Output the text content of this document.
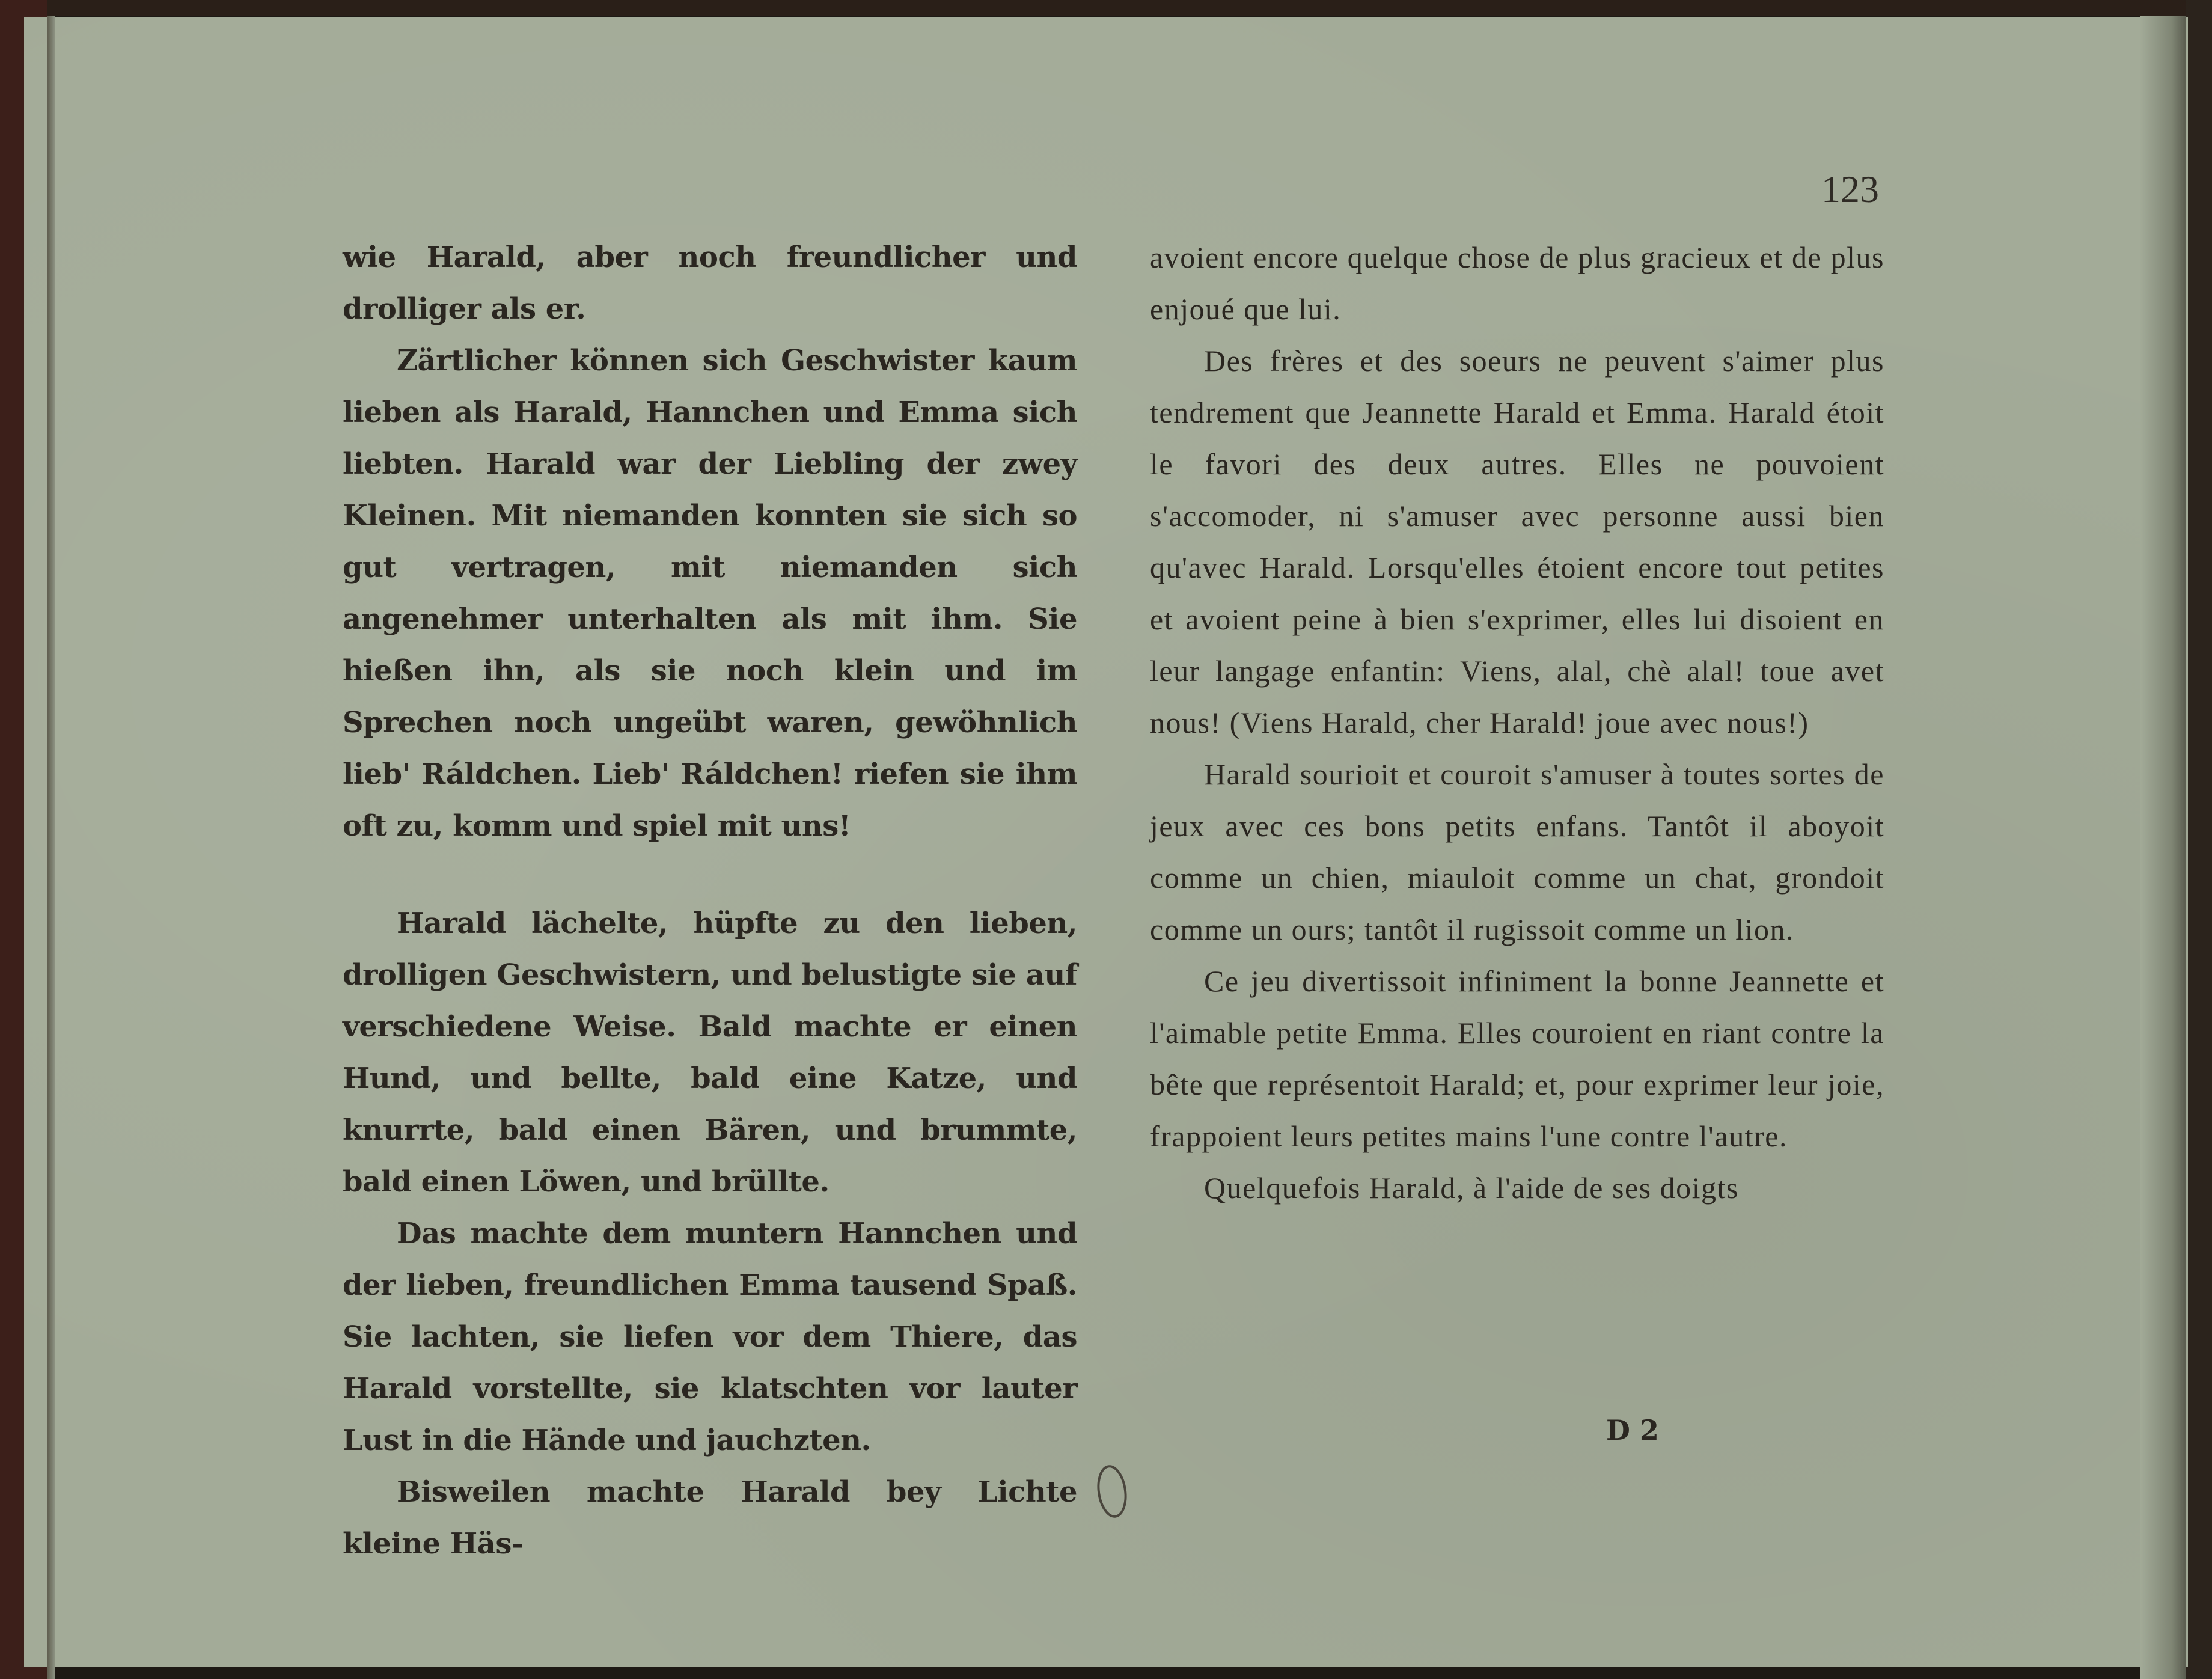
123

wie Harald, aber noch freundlicher und drolliger als er.

Zärtlicher können sich Geschwister kaum lieben als Harald, Hannchen und Emma sich liebten. Harald war der Liebling der zwey Kleinen. Mit niemanden konnten sie sich so gut vertragen, mit niemanden sich angenehmer unterhalten als mit ihm. Sie hießen ihn, als sie noch klein und im Sprechen noch ungeübt waren, gewöhnlich lieb' Ráldchen. Lieb' Ráldchen! riefen sie ihm oft zu, komm und spiel mit uns!

Harald lächelte, hüpfte zu den lieben, drolligen Geschwistern, und belustigte sie auf verschiedene Weise. Bald machte er einen Hund, und bellte, bald eine Katze, und knurrte, bald einen Bären, und brummte, bald einen Löwen, und brüllte.

Das machte dem muntern Hannchen und der lieben, freundlichen Emma tausend Spaß. Sie lachten, sie liefen vor dem Thiere, das Harald vorstellte, sie klatschten vor lauter Lust in die Hände und jauchzten.

Bisweilen machte Harald bey Lichte kleine Häs-

avoient encore quelque chose de plus gracieux et de plus enjoué que lui.

Des frères et des soeurs ne peuvent s'aimer plus tendrement que Jeannette Harald et Emma. Harald étoit le favori des deux autres. Elles ne pouvoient s'accomoder, ni s'amuser avec personne aussi bien qu'avec Harald. Lorsqu'elles étoient encore tout petites et avoient peine à bien s'exprimer, elles lui disoient en leur langage enfantin: Viens, alal, chè alal! toue avet nous! (Viens Harald, cher Harald! joue avec nous!)

Harald sourioit et couroit s'amuser à toutes sortes de jeux avec ces bons petits enfans. Tantôt il aboyoit comme un chien, miauloit comme un chat, grondoit comme un ours; tantôt il rugissoit comme un lion.

Ce jeu divertissoit infiniment la bonne Jeannette et l'aimable petite Emma. Elles couroient en riant contre la bête que représentoit Harald; et, pour exprimer leur joie, frappoient leurs petites mains l'une contre l'autre.

Quelquefois Harald, à l'aide de ses doigts

D 2
